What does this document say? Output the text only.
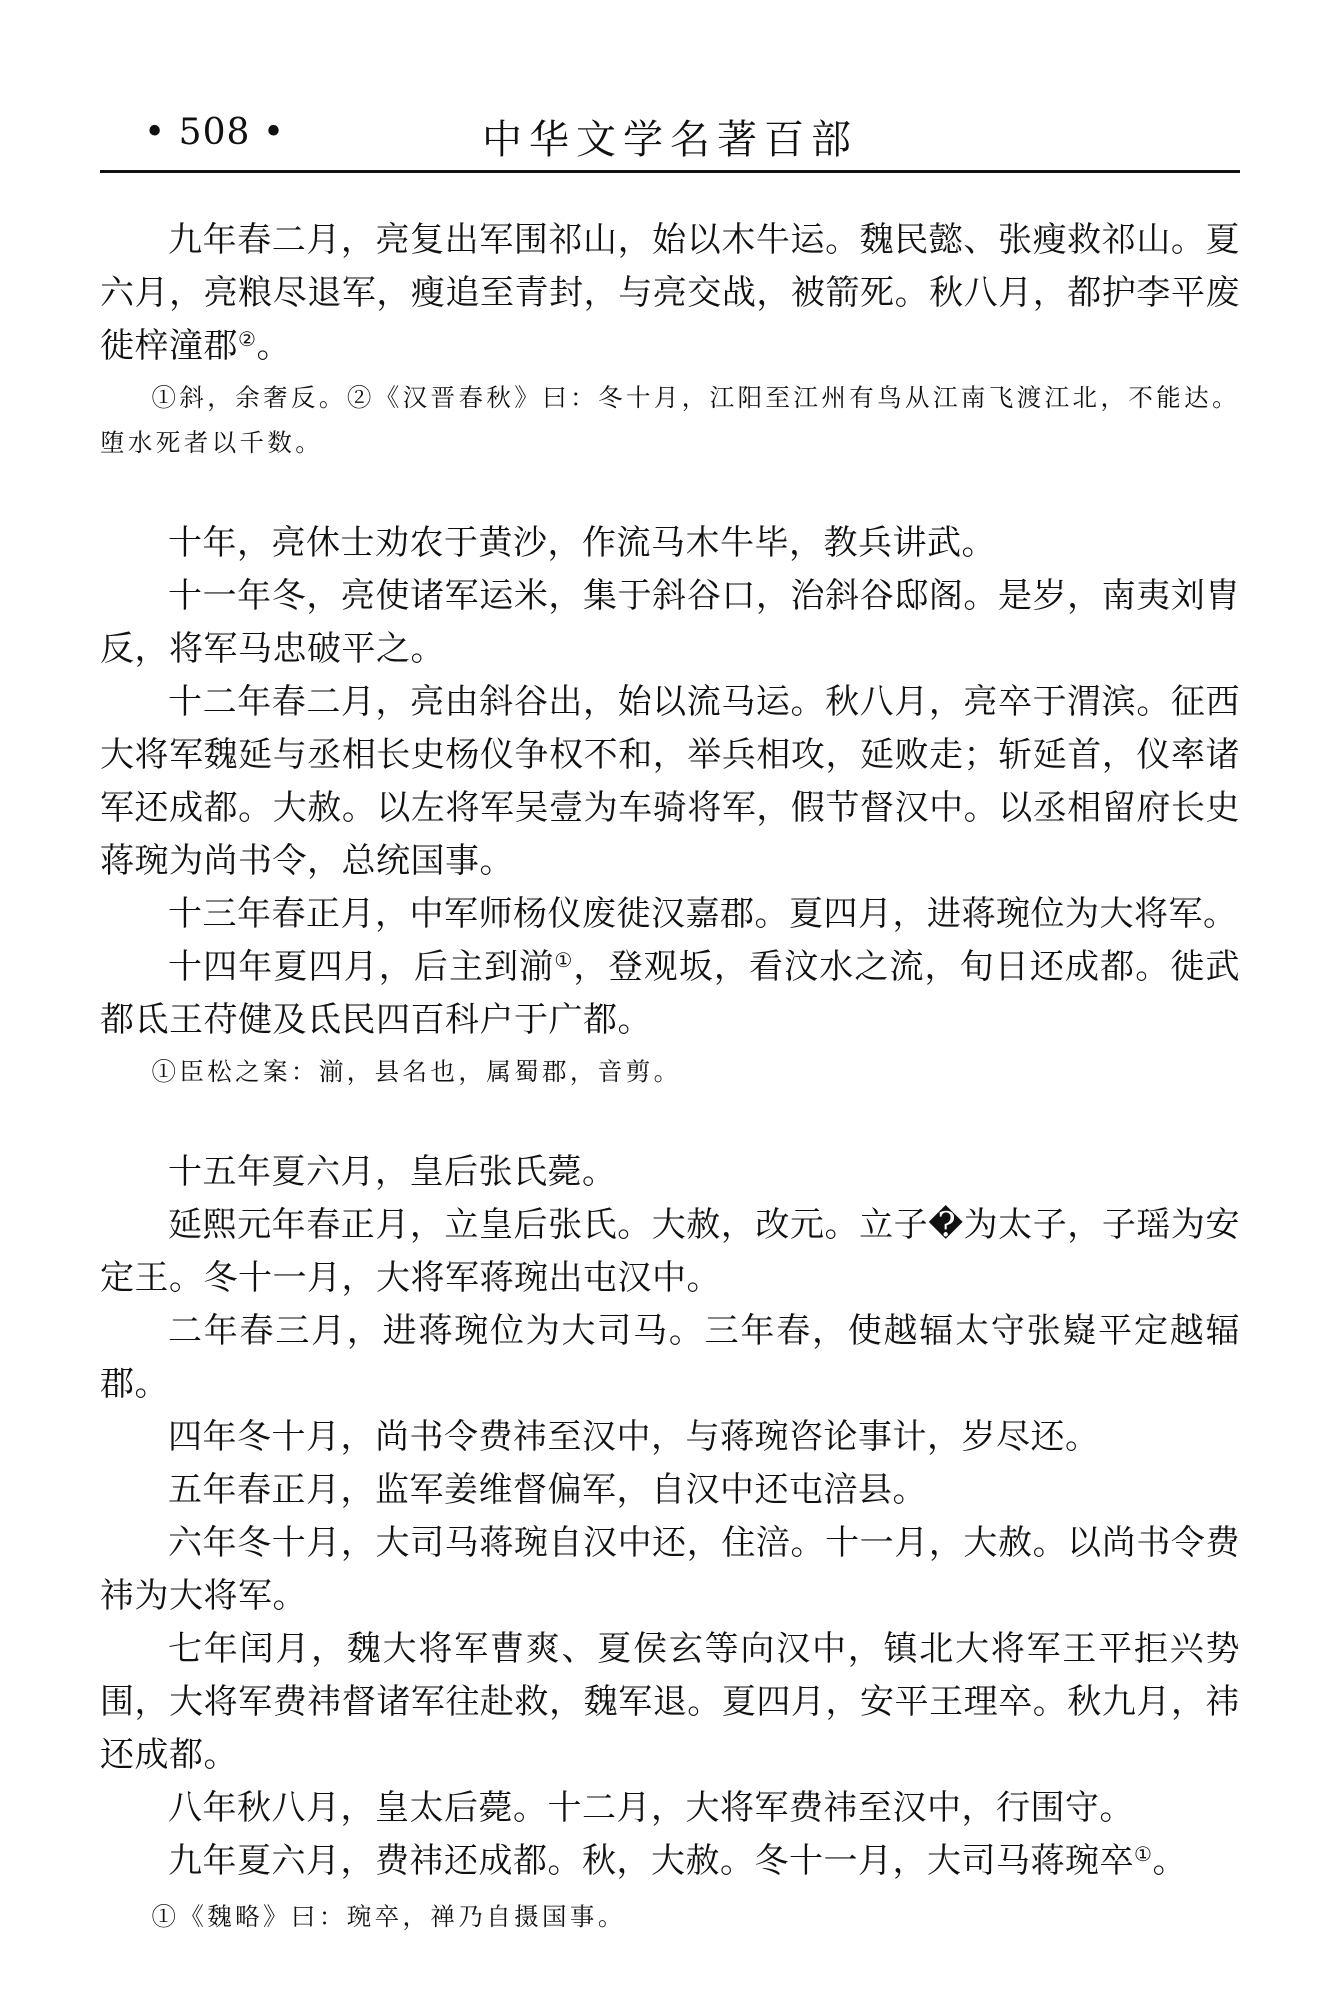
• 508 •	中华文学名著百部

九年春二月，亮复出军围祁山，始以木牛运。魏民懿、张瘦救祁山。夏六月，亮粮尽退军，瘦追至青封，与亮交战，被箭死。秋八月，都护李平废徙梓潼郡②。

①斜，余奢反。②《汉晋春秋》曰：冬十月，江阳至江州有鸟从江南飞渡江北，不能达。堕水死者以千数。

十年，亮休士劝农于黄沙，作流马木牛毕，教兵讲武。

十一年冬，亮使诸军运米，集于斜谷口，治斜谷邸阁。是岁，南夷刘胄反，将军马忠破平之。

十二年春二月，亮由斜谷出，始以流马运。秋八月，亮卒于渭滨。征西大将军魏延与丞相长史杨仪争权不和，举兵相攻，延败走；斩延首，仪率诸军还成都。大赦。以左将军吴壹为车骑将军，假节督汉中。以丞相留府长史蒋琬为尚书令，总统国事。

十三年春正月，中军师杨仪废徙汉嘉郡。夏四月，进蒋琬位为大将军。

十四年夏四月，后主到湔①，登观坂，看汶水之流，旬日还成都。徙武都氐王苻健及氐民四百科户于广都。

①臣松之案：湔，县名也，属蜀郡，音剪。

十五年夏六月，皇后张氏薨。

延熙元年春正月，立皇后张氏。大赦，改元。立子�为太子，子瑶为安定王。冬十一月，大将军蒋琬出屯汉中。

二年春三月，进蒋琬位为大司马。三年春，使越辐太守张嶷平定越辐郡。

四年冬十月，尚书令费祎至汉中，与蒋琬咨论事计，岁尽还。

五年春正月，监军姜维督偏军，自汉中还屯涪县。

六年冬十月，大司马蒋琬自汉中还，住涪。十一月，大赦。以尚书令费祎为大将军。

七年闰月，魏大将军曹爽、夏侯玄等向汉中，镇北大将军王平拒兴势围，大将军费祎督诸军往赴救，魏军退。夏四月，安平王理卒。秋九月，祎还成都。

八年秋八月，皇太后薨。十二月，大将军费祎至汉中，行围守。

九年夏六月，费祎还成都。秋，大赦。冬十一月，大司马蒋琬卒①。

①《魏略》曰：琬卒，禅乃自摄国事。
